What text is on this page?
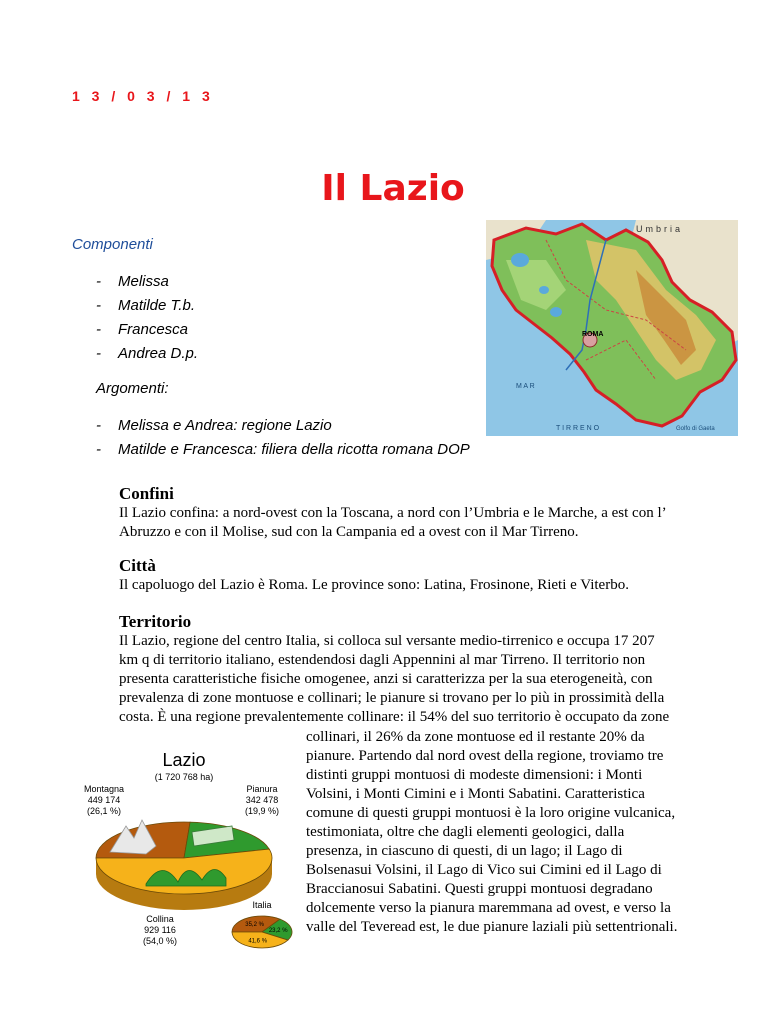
1 3 / 0 3 / 1 3
Il Lazio
Componenti
- Melissa
- Matilde T.b.
- Francesca
- Andrea D.p.
Argomenti:
- Melissa e Andrea: regione Lazio
- Matilde e Francesca: filiera della ricotta romana DOP
ROMA
Umbria
M A R
T I R R E N O	Golfo di Gaeta
Confini

Il Lazio confina: a nord-ovest con la Toscana, a nord con l’Umbria e le Marche, a est con l’

Abruzzo e con il Molise, sud con la Campania ed a ovest con il Mar Tirreno.

Città

Il capoluogo del Lazio è Roma. Le province sono: Latina, Frosinone, Rieti e Viterbo.

Territorio

Il Lazio, regione del centro Italia, si colloca sul versante medio-tirrenico e occupa 17 207

km q di territorio italiano, estendendosi dagli Appennini al mar Tirreno. Il territorio non

presenta caratteristiche fisiche omogenee, anzi si caratterizza per la sua eterogeneità, con

prevalenza di zone montuose e collinari; le pianure si trovano per lo più in prossimità della

costa. È una regione prevalentemente collinare: il 54% del suo territorio è occupato da zone

collinari, il 26% da zone montuose ed il restante 20% da

pianure. Partendo dal nord ovest della regione, troviamo tre

distinti gruppi montuosi di modeste dimensioni: i Monti

Volsini, i Monti Cimini e i Monti Sabatini. Caratteristica

comune di questi gruppi montuosi è la loro origine vulcanica,

testimoniata, oltre che dagli elementi geologici, dalla

presenza, in ciascuno di questi, di un lago; il Lago di

Bolsenasui Volsini, il Lago di Vico sui Cimini ed il Lago di

Braccianosui Sabatini. Questi gruppi montuosi degradano

dolcemente verso la pianura maremmana ad ovest, e verso la

valle del Teveread est, le due pianure laziali più settentrionali.

Lazio
(1 720 768 ha)
Montagna
449 174
(26,1 %)
Pianura
342 478
(19,9 %)
Collina
929 116
(54,0 %)
Italia
35,2 %
23,2 %
41,6 %
